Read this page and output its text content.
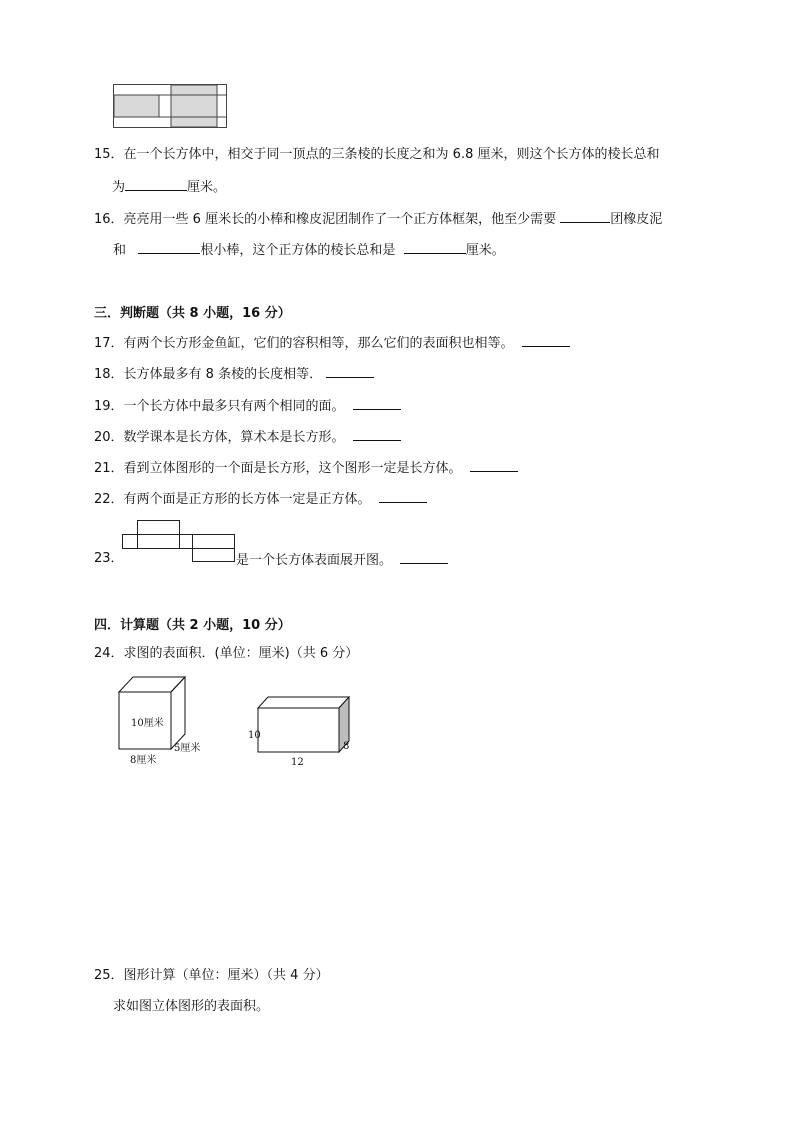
15．在一个长方体中，相交于同一顶点的三条棱的长度之和为 6.8 厘米，则这个长方体的棱长总和
为	厘米。
16．亮亮用一些 6 厘米长的小棒和橡皮泥团制作了一个正方体框架，他至少需要	团橡皮泥
和	根小棒，这个正方体的棱长总和是	厘米。
三．判断题（共 8 小题，16 分）
17．有两个长方形金鱼缸，它们的容积相等，那么它们的表面积也相等。
18．长方体最多有 8 条棱的长度相等．
19．一个长方体中最多只有两个相同的面。
20．数学课本是长方体，算术本是长方形。
21．看到立体图形的一个面是长方形，这个图形一定是长方体。
22．有两个面是正方形的长方体一定是正方体。
23．	是一个长方体表面展开图。
四．计算题（共 2 小题，10 分）
24．求图的表面积．(单位：厘米)（共 6 分）
10厘米
8厘米
5厘米
10
12
8
25．图形计算（单位：厘米）（共 4 分）
求如图立体图形的表面积。
